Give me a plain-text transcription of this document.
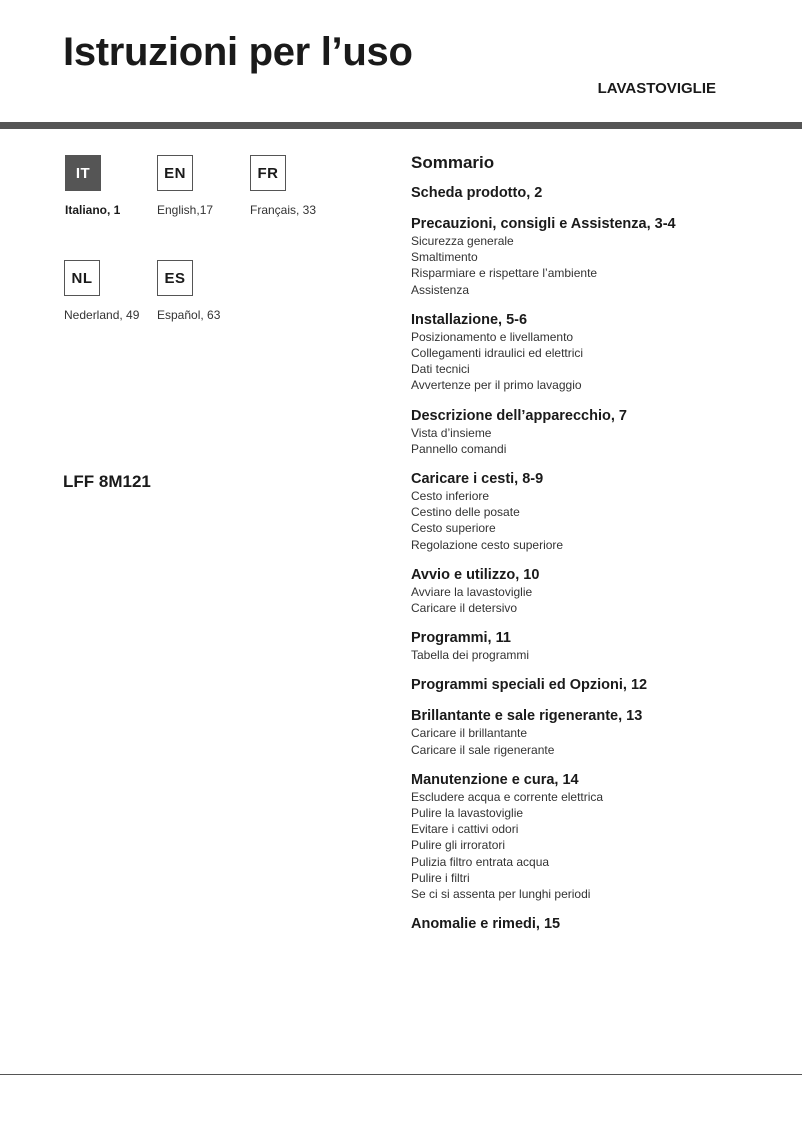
Istruzioni per l’uso
LAVASTOVIGLIE
IT
Italiano, 1
EN
English,17
FR
Français, 33
NL
Nederland, 49
ES
Español, 63
LFF 8M121
Sommario
Scheda prodotto, 2
Precauzioni, consigli e Assistenza, 3-4
Sicurezza generale
Smaltimento
Risparmiare e rispettare l’ambiente
Assistenza
Installazione, 5-6
Posizionamento e livellamento
Collegamenti idraulici ed elettrici
Dati tecnici
Avvertenze per il primo lavaggio
Descrizione dell’apparecchio, 7
Vista d’insieme
Pannello comandi
Caricare i cesti, 8-9
Cesto inferiore
Cestino delle posate
Cesto superiore
Regolazione cesto superiore
Avvio e utilizzo, 10
Avviare la lavastoviglie
Caricare il detersivo
Programmi, 11
Tabella dei programmi
Programmi speciali ed Opzioni, 12
Brillantante e sale rigenerante, 13
Caricare il brillantante
Caricare il sale rigenerante
Manutenzione e cura, 14
Escludere acqua e corrente elettrica
Pulire la lavastoviglie
Evitare i cattivi odori
Pulire gli irroratori
Pulizia filtro entrata acqua
Pulire i filtri
Se ci si assenta per lunghi periodi
Anomalie e rimedi, 15
